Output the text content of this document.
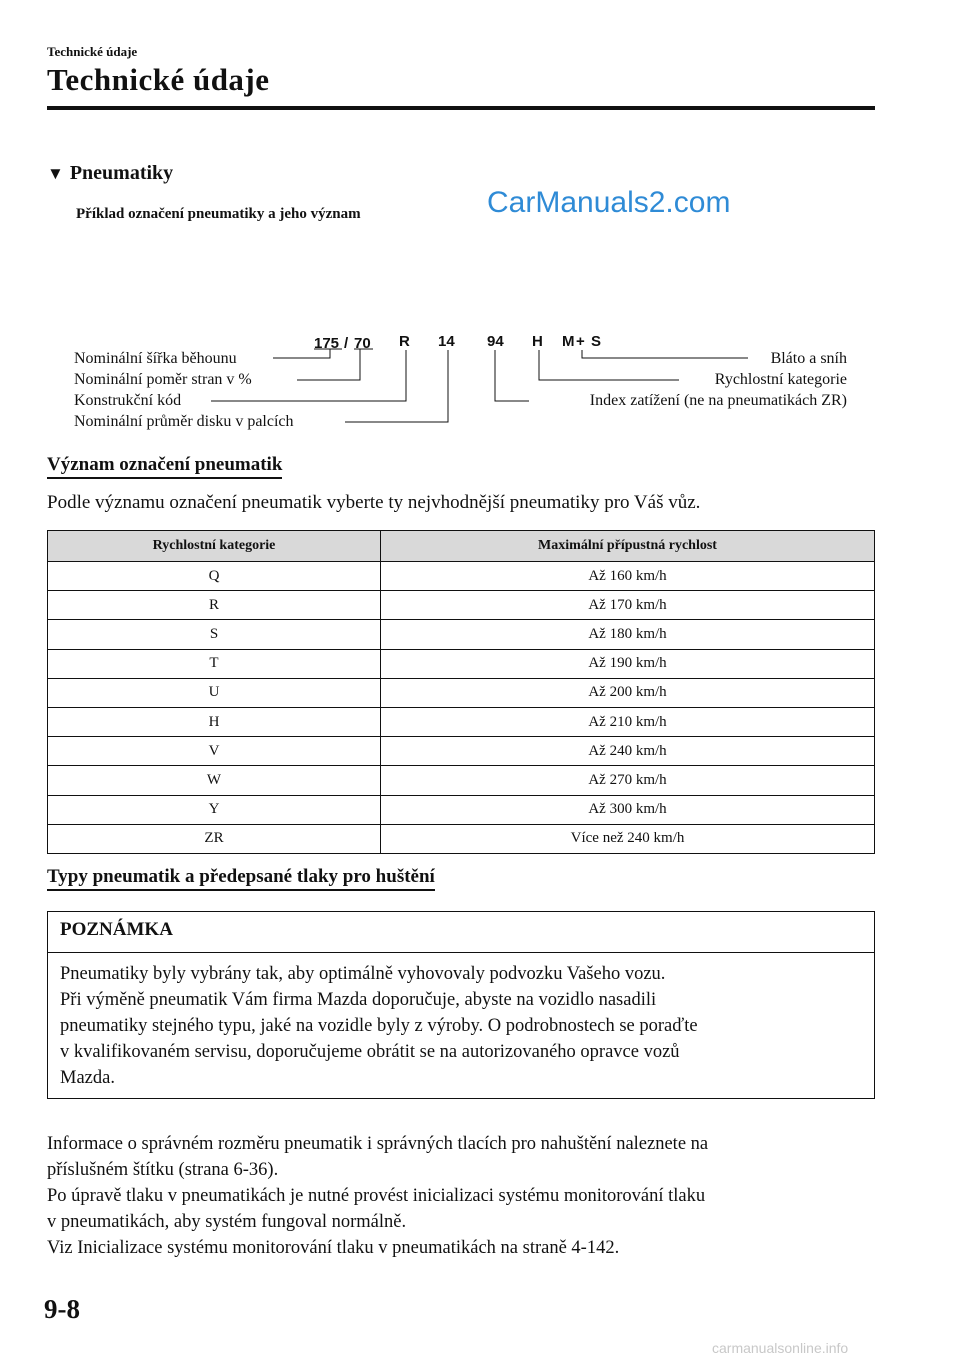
Technické údaje
Technické údaje
▼ Pneumatiky
Příklad označení pneumatiky a jeho význam	CarManuals2.com
175 / 70 R 14 94 H M + S
Nominální šířka běhounu
Nominální poměr stran v %
Konstrukční kód
Nominální průměr disku v palcích
Bláto a sníh
Rychlostní kategorie
Index zatížení (ne na pneumatikách ZR)
Význam označení pneumatik
Podle významu označení pneumatik vyberte ty nejvhodnější pneumatiky pro Váš vůz.
Rychlostní kategorie	Maximální přípustná rychlost
Q	Až 160 km/h
R	Až 170 km/h
S	Až 180 km/h
T	Až 190 km/h
U	Až 200 km/h
H	Až 210 km/h
V	Až 240 km/h
W	Až 270 km/h
Y	Až 300 km/h
ZR	Více než 240 km/h
Typy pneumatik a předepsané tlaky pro huštění
POZNÁMKA
Pneumatiky byly vybrány tak, aby optimálně vyhovovaly podvozku Vašeho vozu.
Při výměně pneumatik Vám firma Mazda doporučuje, abyste na vozidlo nasadili
pneumatiky stejného typu, jaké na vozidle byly z výroby. O podrobnostech se poraďte
v kvalifikovaném servisu, doporučujeme obrátit se na autorizovaného opravce vozů
Mazda.
Informace o správném rozměru pneumatik i správných tlacích pro nahuštění naleznete na
příslušném štítku (strana 6-36).
Po úpravě tlaku v pneumatikách je nutné provést inicializaci systému monitorování tlaku
v pneumatikách, aby systém fungoval normálně.
Viz Inicializace systému monitorování tlaku v pneumatikách na straně 4-142.
9-8
carmanualsonline.info
